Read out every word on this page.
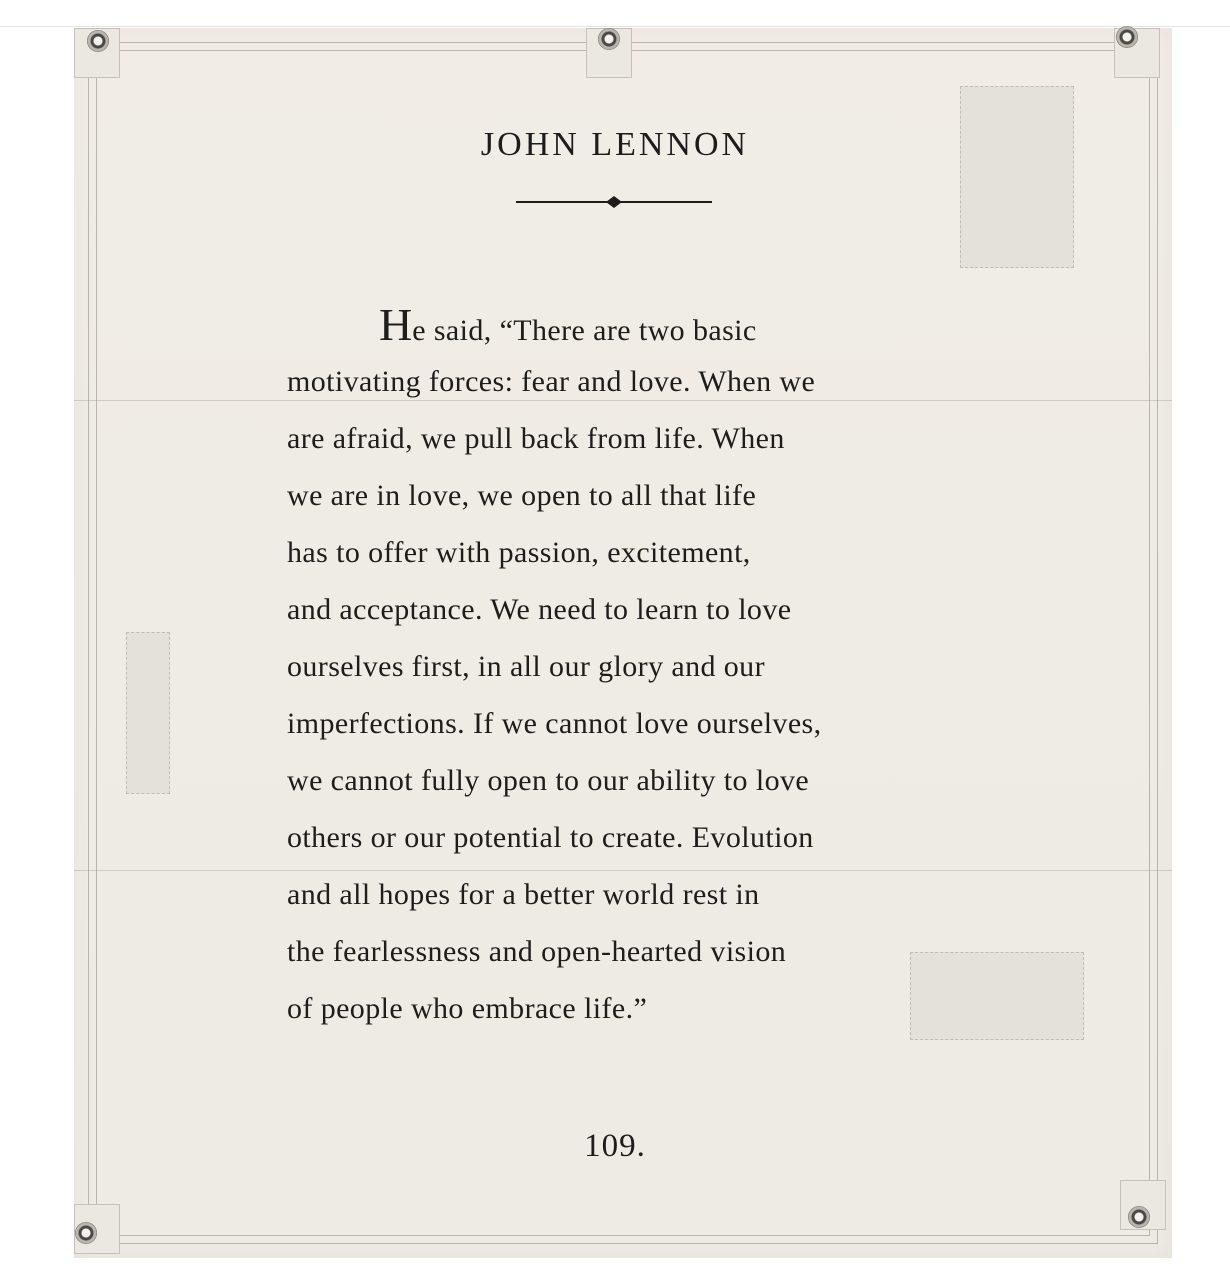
JOHN LENNON
He said, “There are two basic
motivating forces: fear and love. When we
are afraid, we pull back from life. When
we are in love, we open to all that life
has to offer with passion, excitement,
and acceptance. We need to learn to love
ourselves first, in all our glory and our
imperfections. If we cannot love ourselves,
we cannot fully open to our ability to love
others or our potential to create. Evolution
and all hopes for a better world rest in
the fearlessness and open-hearted vision
of people who embrace life.”
109.
